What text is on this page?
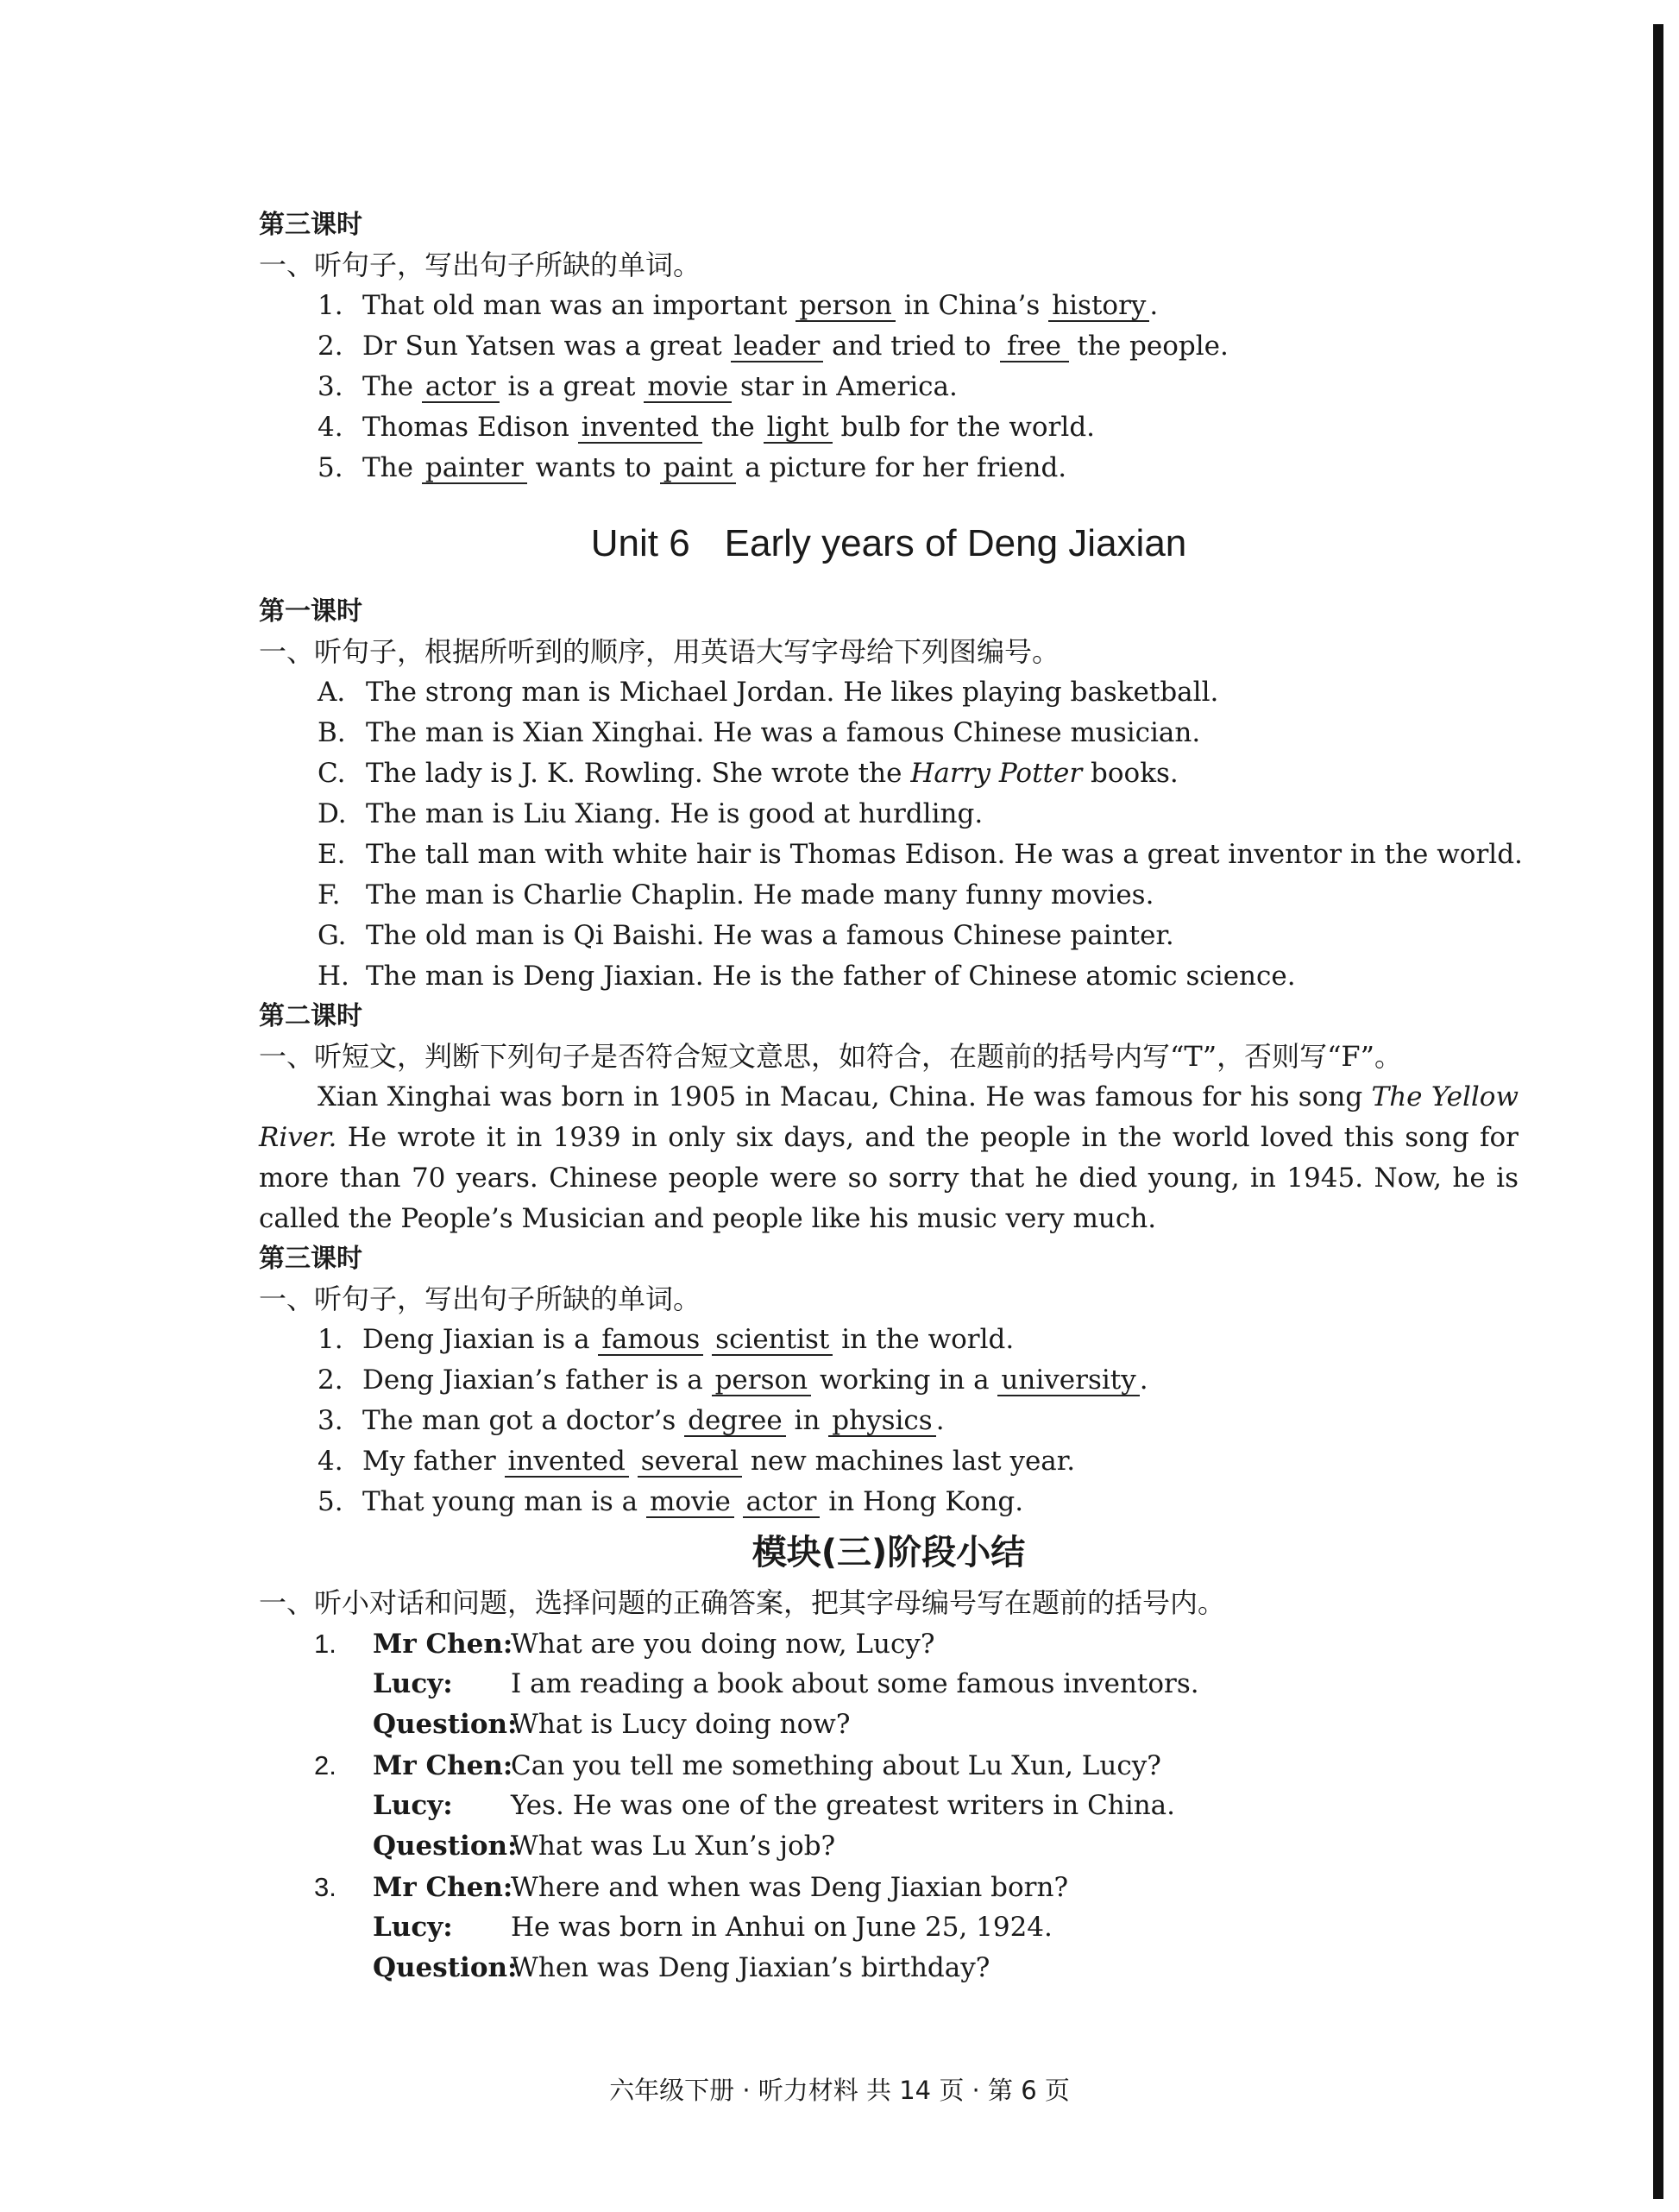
第三课时
一、听句子，写出句子所缺的单词。
1. That old man was an important person in China’s history .
2. Dr Sun Yatsen was a great leader and tried to free the people.
3. The actor is a great movie star in America.
4. Thomas Edison invented the light bulb for the world.
5. The painter wants to paint a picture for her friend.
Unit 6 Early years of Deng Jiaxian
第一课时
一、听句子，根据所听到的顺序，用英语大写字母给下列图编号。
A. The strong man is Michael Jordan. He likes playing basketball.
B. The man is Xian Xinghai. He was a famous Chinese musician.
C. The lady is J. K. Rowling. She wrote the Harry Potter books.
D. The man is Liu Xiang. He is good at hurdling.
E. The tall man with white hair is Thomas Edison. He was a great inventor in the world.
F. The man is Charlie Chaplin. He made many funny movies.
G. The old man is Qi Baishi. He was a famous Chinese painter.
H. The man is Deng Jiaxian. He is the father of Chinese atomic science.
第二课时
一、听短文，判断下列句子是否符合短文意思，如符合，在题前的括号内写“T”，否则写“F”。
Xian Xinghai was born in 1905 in Macau, China. He was famous for his song The Yellow River. He wrote it in 1939 in only six days, and the people in the world loved this song for more than 70 years. Chinese people were so sorry that he died young, in 1945. Now, he is called the People’s Musician and people like his music very much.
第三课时
一、听句子，写出句子所缺的单词。
1. Deng Jiaxian is a famous scientist in the world.
2. Deng Jiaxian’s father is a person working in a university .
3. The man got a doctor’s degree in physics .
4. My father invented several new machines last year.
5. That young man is a movie actor in Hong Kong.
模块(三)阶段小结
一、听小对话和问题，选择问题的正确答案，把其字母编号写在题前的括号内。
1. Mr Chen:What are you doing now, Lucy?
Lucy: I am reading a book about some famous inventors.
Question:What is Lucy doing now?
2. Mr Chen:Can you tell me something about Lu Xun, Lucy?
Lucy: Yes. He was one of the greatest writers in China.
Question:What was Lu Xun’s job?
3. Mr Chen:Where and when was Deng Jiaxian born?
Lucy: He was born in Anhui on June 25, 1924.
Question:When was Deng Jiaxian’s birthday?
六年级下册 · 听力材料 共 14 页 · 第 6 页
